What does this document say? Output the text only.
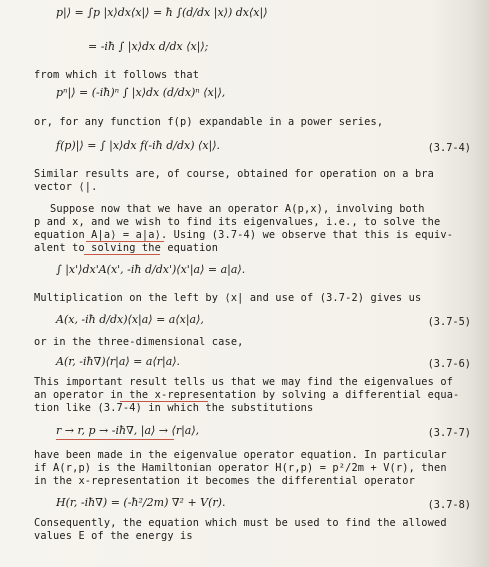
p|⟩ = ∫p |x⟩dx⟨x|⟩ = ħ ∫(d/dx |x⟩) dx⟨x|⟩
= -iħ ∫ |x⟩dx d/dx ⟨x|⟩;
from which it follows that
pⁿ|⟩ = (-iħ)ⁿ ∫ |x⟩dx (d/dx)ⁿ ⟨x|⟩,
or, for any function f(p) expandable in a power series,
f(p)|⟩ = ∫ |x⟩dx f(-iħ d/dx) ⟨x|⟩.	(3.7-4)
Similar results are, of course, obtained for operation on a bra
vector ⟨|.
Suppose now that we have an operator A(p,x), involving both
p and x, and we wish to find its eigenvalues, i.e., to solve the
equation A|a⟩ = a|a⟩. Using (3.7-4) we observe that this is equiv-
alent to solving the equation
∫ |x'⟩dx'A(x', -iħ d/dx')⟨x'|a⟩ = a|a⟩.
Multiplication on the left by ⟨x| and use of (3.7-2) gives us
A(x, -iħ d/dx)⟨x|a⟩ = a⟨x|a⟩,	(3.7-5)
or in the three-dimensional case,
A(r, -iħ∇)⟨r|a⟩ = a⟨r|a⟩.	(3.7-6)
This important result tells us that we may find the eigenvalues of
an operator in the x-representation by solving a differential equa-
tion like (3.7-4) in which the substitutions
r → r, p → -iħ∇, |a⟩ → ⟨r|a⟩,	(3.7-7)
have been made in the eigenvalue operator equation. In particular
if A(r,p) is the Hamiltonian operator H(r,p) = p²/2m + V(r), then
in the x-representation it becomes the differential operator
H(r, -iħ∇) = (-ħ²/2m) ∇² + V(r).	(3.7-8)
Consequently, the equation which must be used to find the allowed
values E of the energy is
